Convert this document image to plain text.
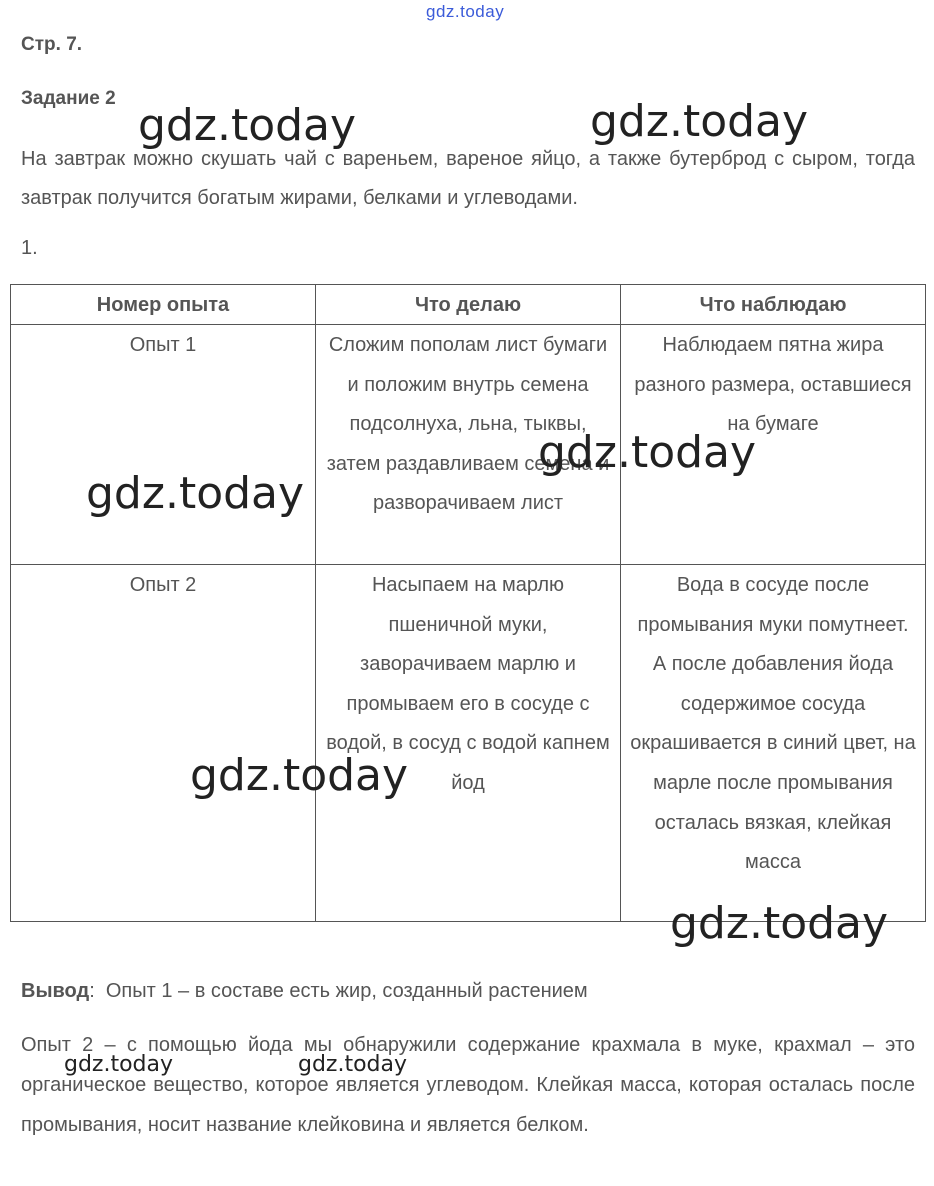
gdz.today
Стр. 7.
Задание 2

На завтрак можно скушать чай с вареньем, вареное яйцо, а также бутерброд с сыром, тогда завтрак получится богатым жирами, белками и углеводами.

1.
Номер опыта	Что делаю	Что наблюдаю
Опыт 1	Сложим пополам лист бумаги и положим внутрь семена подсолнуха, льна, тыквы, затем раздавливаем семена и разворачиваем лист	Наблюдаем пятна жира разного размера, оставшиеся на бумаге
Опыт 2	Насыпаем на марлю пшеничной муки, заворачиваем марлю и промываем его в сосуде с водой, в сосуд с водой капнем йод	Вода в сосуде после промывания муки помутнеет. А после добавления йода содержимое сосуда окрашивается в синий цвет, на марле после промывания осталась вязкая, клейкая масса
Вывод:  Опыт 1 – в составе есть жир, созданный растением

Опыт 2 – с помощью йода мы обнаружили содержание крахмала в муке, крахмал – это органическое вещество, которое является углеводом. Клейкая масса, которая осталась после промывания, носит название клейковина и является белком.

gdz.today	gdz.today
gdz.today
gdz.today
gdz.today
gdz.today
gdz.today	gdz.today
